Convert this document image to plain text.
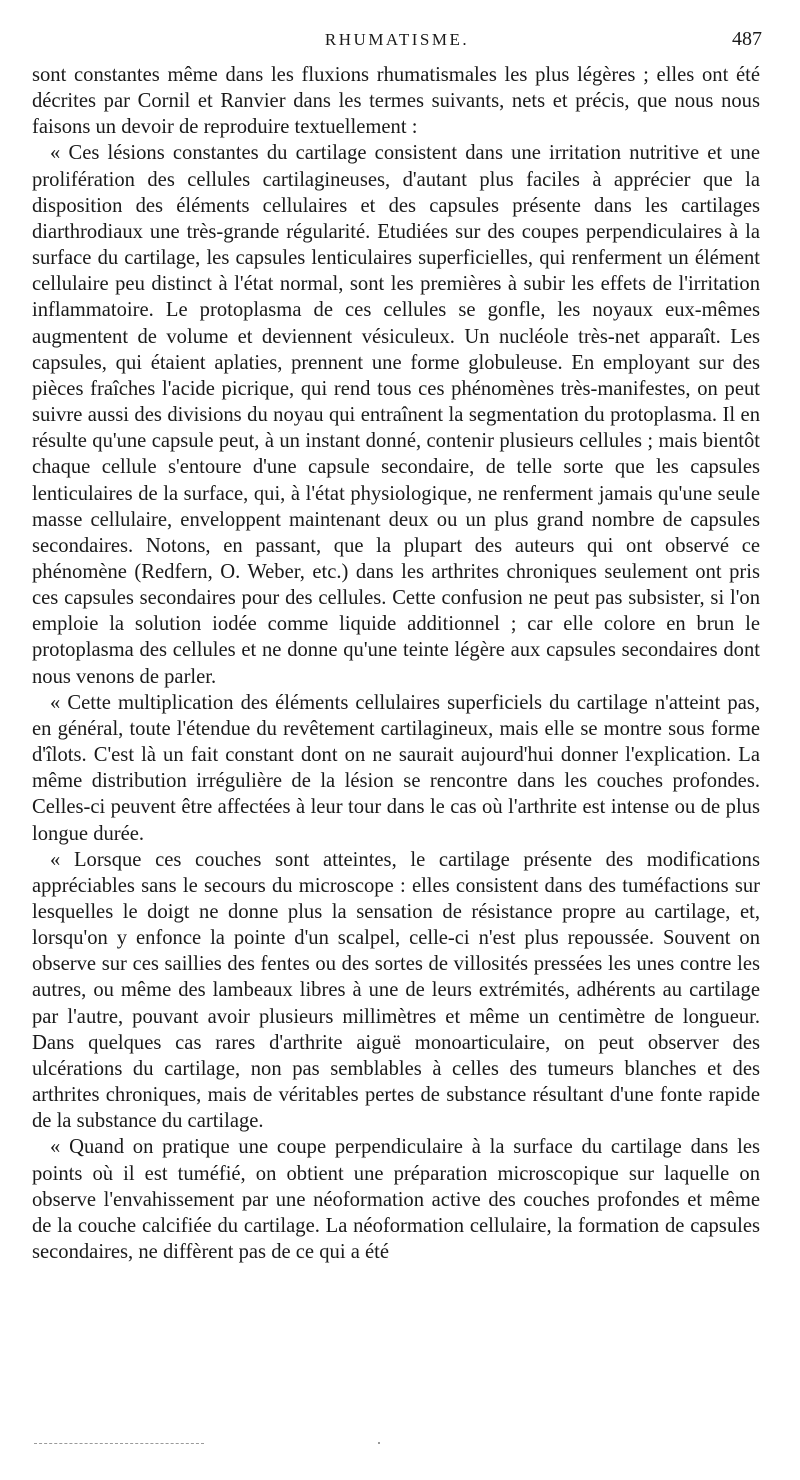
RHUMATISME.	487

sont constantes même dans les fluxions rhumatismales les plus légères ; elles ont été décrites par Cornil et Ranvier dans les termes suivants, nets et précis, que nous nous faisons un devoir de reproduire textuellement :

« Ces lésions constantes du cartilage consistent dans une irritation nutritive et une prolifération des cellules cartilagineuses, d'autant plus faciles à apprécier que la disposition des éléments cellulaires et des capsules présente dans les cartilages diarthrodiaux une très-grande régularité. Etudiées sur des coupes perpendiculaires à la surface du cartilage, les capsules lenticulaires superficielles, qui renferment un élément cellulaire peu distinct à l'état normal, sont les premières à subir les effets de l'irritation inflammatoire. Le protoplasma de ces cellules se gonfle, les noyaux eux-mêmes augmentent de volume et deviennent vésiculeux. Un nucléole très-net apparaît. Les capsules, qui étaient aplaties, prennent une forme globuleuse. En employant sur des pièces fraîches l'acide picrique, qui rend tous ces phénomènes très-manifestes, on peut suivre aussi des divisions du noyau qui entraînent la segmentation du protoplasma. Il en résulte qu'une capsule peut, à un instant donné, contenir plusieurs cellules ; mais bientôt chaque cellule s'entoure d'une capsule secondaire, de telle sorte que les capsules lenticulaires de la surface, qui, à l'état physiologique, ne renferment jamais qu'une seule masse cellulaire, enveloppent maintenant deux ou un plus grand nombre de capsules secondaires. Notons, en passant, que la plupart des auteurs qui ont observé ce phénomène (Redfern, O. Weber, etc.) dans les arthrites chroniques seulement ont pris ces capsules secondaires pour des cellules. Cette confusion ne peut pas subsister, si l'on emploie la solution iodée comme liquide additionnel ; car elle colore en brun le protoplasma des cellules et ne donne qu'une teinte légère aux capsules secondaires dont nous venons de parler.

« Cette multiplication des éléments cellulaires superficiels du cartilage n'atteint pas, en général, toute l'étendue du revêtement cartilagineux, mais elle se montre sous forme d'îlots. C'est là un fait constant dont on ne saurait aujourd'hui donner l'explication. La même distribution irrégulière de la lésion se rencontre dans les couches profondes. Celles-ci peuvent être affectées à leur tour dans le cas où l'arthrite est intense ou de plus longue durée.

« Lorsque ces couches sont atteintes, le cartilage présente des modifications appréciables sans le secours du microscope : elles consistent dans des tuméfactions sur lesquelles le doigt ne donne plus la sensation de résistance propre au cartilage, et, lorsqu'on y enfonce la pointe d'un scalpel, celle-ci n'est plus repoussée. Souvent on observe sur ces saillies des fentes ou des sortes de villosités pressées les unes contre les autres, ou même des lambeaux libres à une de leurs extrémités, adhérents au cartilage par l'autre, pouvant avoir plusieurs millimètres et même un centimètre de longueur. Dans quelques cas rares d'arthrite aiguë monoarticulaire, on peut observer des ulcérations du cartilage, non pas semblables à celles des tumeurs blanches et des arthrites chroniques, mais de véritables pertes de substance résultant d'une fonte rapide de la substance du cartilage.

« Quand on pratique une coupe perpendiculaire à la surface du cartilage dans les points où il est tuméfié, on obtient une préparation microscopique sur laquelle on observe l'envahissement par une néoformation active des couches profondes et même de la couche calcifiée du cartilage. La néoformation cellulaire, la formation de capsules secondaires, ne diffèrent pas de ce qui a été
